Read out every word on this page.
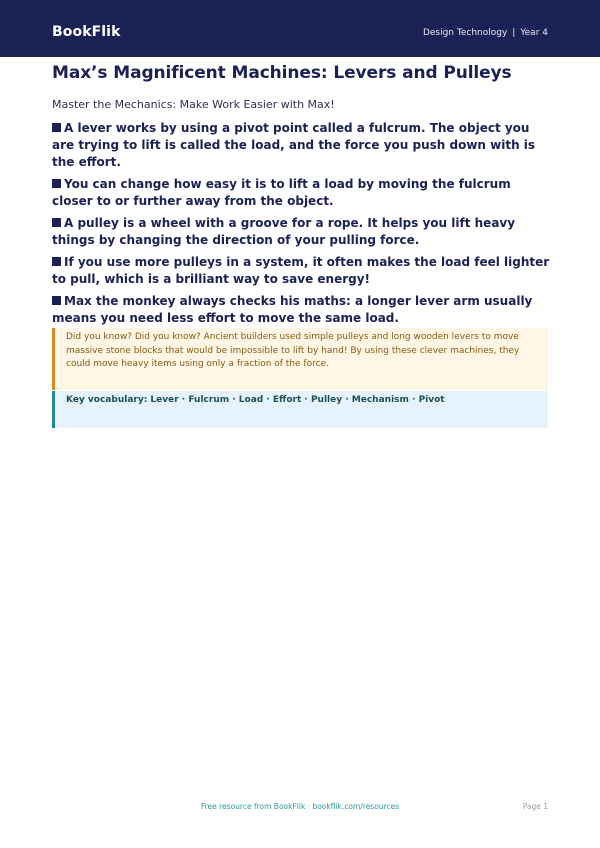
BookFlik	Design Technology | Year 4
Max’s Magnificent Machines: Levers and Pulleys

Master the Mechanics: Make Work Easier with Max!

A lever works by using a pivot point called a fulcrum. The object you are trying to lift is called the load, and the force you push down with is the effort.
You can change how easy it is to lift a load by moving the fulcrum closer to or further away from the object.
A pulley is a wheel with a groove for a rope. It helps you lift heavy things by changing the direction of your pulling force.
If you use more pulleys in a system, it often makes the load feel lighter to pull, which is a brilliant way to save energy!
Max the monkey always checks his maths: a longer lever arm usually means you need less effort to move the same load.
Did you know? Did you know? Ancient builders used simple pulleys and long wooden levers to move massive stone blocks that would be impossible to lift by hand! By using these clever machines, they could move heavy items using only a fraction of the force.
Key vocabulary: Lever · Fulcrum · Load · Effort · Pulley · Mechanism · Pivot
Free resource from BookFlik · bookflik.com/resources	Page 1
